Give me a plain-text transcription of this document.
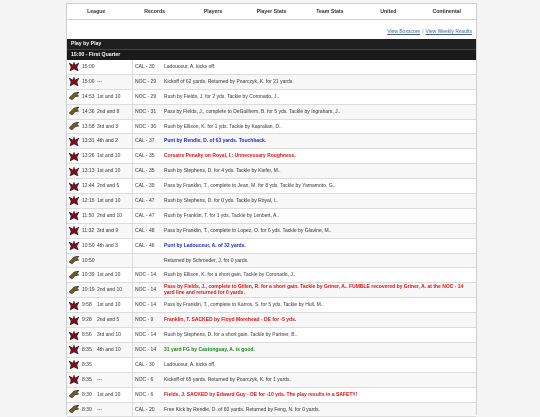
League	Records	Players	Player Stats	Team Stats	United	Continental
View Boxscore | View Weekly Results
Play by Play
15:00 - First Quarter
15:00	CAL - 30	Ladouceur, A. kicks off.
15:00 ---	NOC - 29	Kickoff of 62 yards. Returned by Poarczyk, K. for 21 yards.
14:53 1st and 10	NOC - 29	Rush by Fields, J. for 2 yds. Tackle by Coronado, J..
14:36 2nd and 8	NOC - 31	Pass by Fields, J., complete to DeGuilhem, B. for 5 yds. Tackle by Ingraham, J..
13:58 3rd and 3	NOC - 36	Rush by Ellison, K. for 1 yds. Tackle by Kapralian, D..
13:31 4th and 2	CAL - 37	Punt by Rendle, D. of 63 yards. Touchback.
13:26 1st and 10	CAL - 35	Corsairs Penalty on Royal, I.: Unnecessary Roughness.
13:13 1st and 10	CAL - 35	Rush by Stephens, D. for 4 yds. Tackle by Kiefer, M..
12:44 2nd and 6	CAL - 39	Pass by Franklin, T., complete to Jean, M. for 8 yds. Tackle by Yamamoto, G..
12:15 1st and 10	CAL - 47	Rush by Stephens, D. for 0 yds. Tackle by Royal, I..
11:50 2nd and 10	CAL - 47	Rush by Franklin, T. for 1 yds. Tackle by Lenbert, A..
11:32 3rd and 9	CAL - 48	Pass by Franklin, T., complete to Lopez, O. for 6 yds. Tackle by Glavine, M..
10:50 4th and 3	CAL - 46	Punt by Ladouceur, A. of 32 yards.
10:50	Returned by Schroeder, J. for 0 yards.
10:39 1st and 10	NOC - 14	Rush by Ellison, K. for a short gain. Tackle by Coronado, J..
10:19 2nd and 10	NOC - 14	Pass by Fields, J., complete to Gillen, R. for a short gain. Tackle by Griner, A.. FUMBLE recovered by Griner, A. at the NOC - 14 yard line and returned for 0 yards.
9:58	1st and 10	NOC - 14	Pass by Franklin, T., complete to Karros, S. for 5 yds. Tackle by Hull, M..
9:28	2nd and 5	NOC - 9	Franklin, T. SACKED by Floyd Morehead - DE for -5 yds.
8:56	3rd and 10	NOC - 14	Rush by Stephens, D. for a short gain. Tackle by Partner, B..
8:35	4th and 10	NOC - 14	31 yard FG by Castonguay, A. is good.
8:35	CAL - 30	Ladouceur, A. kicks off.
8:35	---	NOC - 6	Kickoff of 65 yards. Returned by Poarczyk, K. for 1 yards.
8:30	1st and 10	NOC - 6	Fields, J. SACKED by Edward Guy - DE for -10 yds. The play results in a SAFETY!
8:30	---	CAL - 20	Free Kick by Rendle, D. of 60 yards. Returned by Feng, N. for 0 yards.
